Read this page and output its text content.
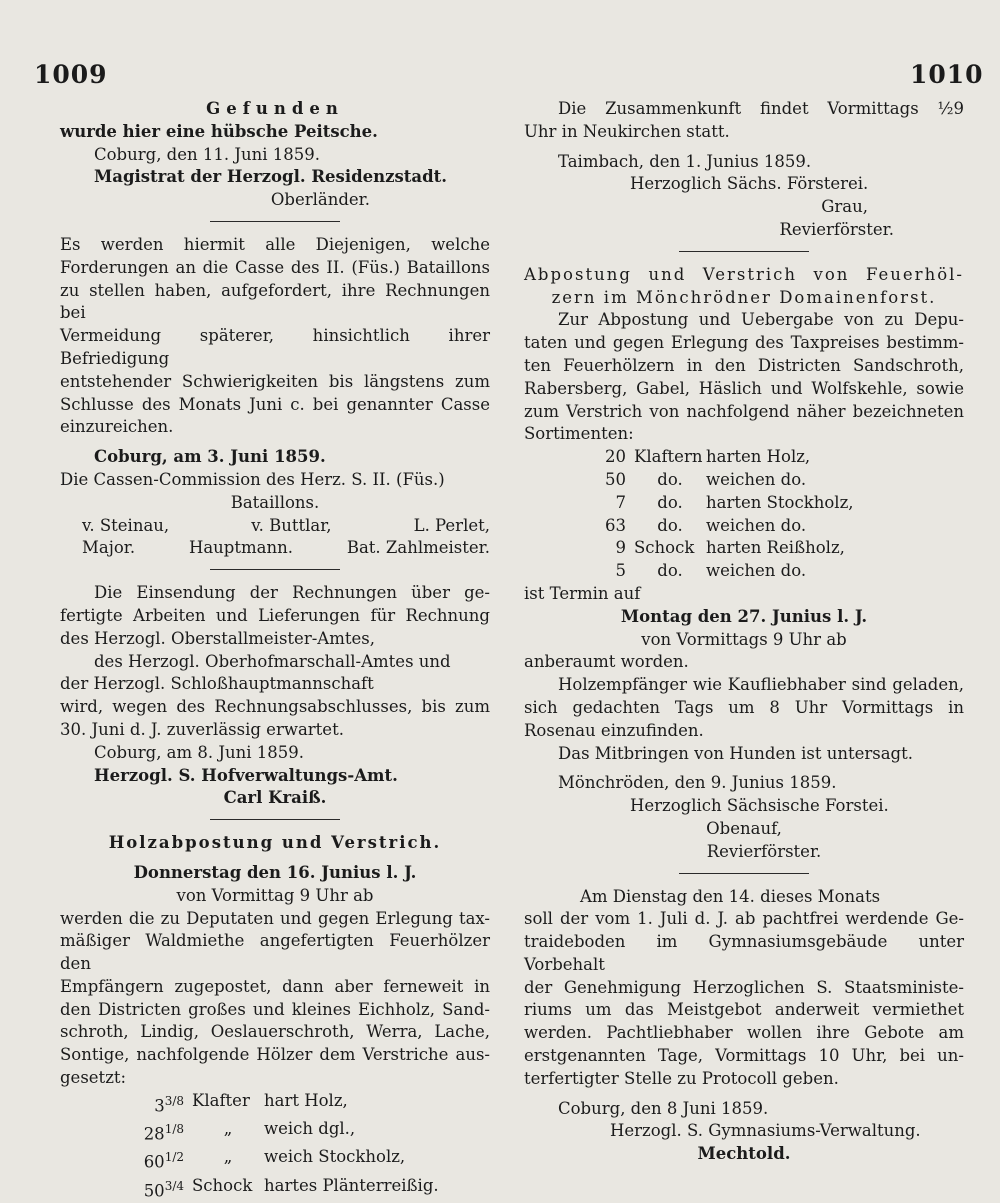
1009	1010

Gefunden

wurde hier eine hübsche Peitsche.

Coburg, den 11. Juni 1859.

Magistrat der Herzogl. Residenzstadt.

Oberländer.

Es werden hiermit alle Diejenigen, welche

Forderungen an die Casse des II. (Füs.) Bataillons

zu stellen haben, aufgefordert, ihre Rechnungen bei

Vermeidung späterer, hinsichtlich ihrer Befriedigung

entstehender Schwierigkeiten bis längstens zum

Schlusse des Monats Juni c. bei genannter Casse

einzureichen.

Coburg, am 3. Juni 1859.

Die Cassen-Commission des Herz. S. II. (Füs.)

Bataillons.

v. Steinau,	v. Buttlar,	L. Perlet,
Major.	Hauptmann.	Bat. Zahlmeister.

Die Einsendung der Rechnungen über ge-

fertigte Arbeiten und Lieferungen für Rechnung

des Herzogl. Oberstallmeister-Amtes,

des Herzogl. Oberhofmarschall-Amtes und

der Herzogl. Schloßhauptmannschaft

wird, wegen des Rechnungsabschlusses, bis zum

30. Juni d. J. zuverlässig erwartet.

Coburg, am 8. Juni 1859.

Herzogl. S. Hofverwaltungs-Amt.

Carl Kraiß.

Holzabpostung und Verstrich.

Donnerstag den 16. Junius l. J.

von Vormittag 9 Uhr ab

werden die zu Deputaten und gegen Erlegung tax-

mäßiger Waldmiethe angefertigten Feuerhölzer den

Empfängern zugepostet, dann aber ferneweit in

den Districten großes und kleines Eichholz, Sand-

schroth, Lindig, Oeslauerschroth, Werra, Lache,

Sontige, nachfolgende Hölzer dem Verstriche aus-

gesetzt:

$3^{3/8}$	Klafter	hart Holz,
$28^{1/8}$	„	weich dgl.,
$60^{1/2}$	„	weich Stockholz,
$50^{3/4}$	Schock	hartes Plänterreißig.

Die Zusammenkunft findet Vormittags ½9

Uhr in Neukirchen statt.

Taimbach, den 1. Junius 1859.

Herzoglich Sächs. Försterei.

Grau,

Revierförster.

Abpostung und Verstrich von Feuerhöl-

zern im Mönchrödner Domainenforst.

Zur Abpostung und Uebergabe von zu Depu-

taten und gegen Erlegung des Taxpreises bestimm-

ten Feuerhölzern in den Districten Sandschroth,

Rabersberg, Gabel, Häslich und Wolfskehle, sowie

zum Verstrich von nachfolgend näher bezeichneten

Sortimenten:

20	Klaftern	harten Holz,
50	do.	weichen do.
7	do.	harten Stockholz,
63	do.	weichen do.
9	Schock	harten Reißholz,
5	do.	weichen do.

ist Termin auf

Montag den 27. Junius l. J.

von Vormittags 9 Uhr ab

anberaumt worden.

Holzempfänger wie Kaufliebhaber sind geladen,

sich gedachten Tags um 8 Uhr Vormittags in

Rosenau einzufinden.

Das Mitbringen von Hunden ist untersagt.

Mönchröden, den 9. Junius 1859.

Herzoglich Sächsische Forstei.

Obenauf,

Revierförster.

Am Dienstag den 14. dieses Monats

soll der vom 1. Juli d. J. ab pachtfrei werdende Ge-

traideboden im Gymnasiumsgebäude unter Vorbehalt

der Genehmigung Herzoglichen S. Staatsministe-

riums um das Meistgebot anderweit vermiethet

werden. Pachtliebhaber wollen ihre Gebote am

erstgenannten Tage, Vormittags 10 Uhr, bei un-

terfertigter Stelle zu Protocoll geben.

Coburg, den 8 Juni 1859.

Herzogl. S. Gymnasiums-Verwaltung.

Mechtold.
